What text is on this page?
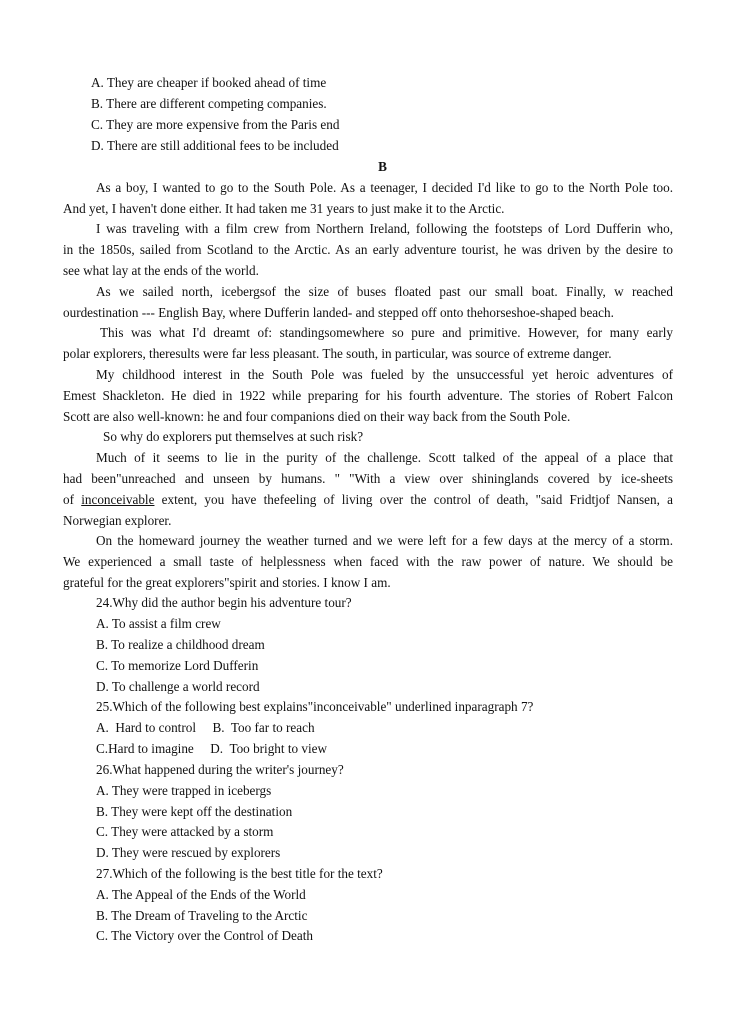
A. They are cheaper if booked ahead of time
B. There are different competing companies.
C. They are more expensive from the Paris end
D. There are still additional fees to be included
B
As a boy, I wanted to go to the South Pole. As a teenager, I decided I'd like to go to the North Pole too.
And yet, I haven't done either. It had taken me 31 years to just make it to the Arctic.
I was traveling with a film crew from Northern Ireland, following the footsteps of Lord Dufferin who,
in the 1850s, sailed from Scotland to the Arctic. As an early adventure tourist, he was driven by the desire to
see what lay at the ends of the world.
As we sailed north, icebergsof the size of buses floated past our small boat. Finally, w reached
ourdestination --- English Bay, where Dufferin landed- and stepped off onto thehorseshoe-shaped beach.
This was what I'd dreamt of: standingsomewhere so pure and primitive. However, for many early
polar explorers, theresults were far less pleasant. The south, in particular, was source of extreme danger.
My childhood interest in the South Pole was fueled by the unsuccessful yet heroic adventures of
Emest Shackleton. He died in 1922 while preparing for his fourth adventure. The stories of Robert Falcon
Scott are also well-known: he and four companions died on their way back from the South Pole.
So why do explorers put themselves at such risk?
Much of it seems to lie in the purity of the challenge. Scott talked of the appeal of a place that
had been"unreached and unseen by humans. " "With a view over shininglands covered by ice-sheets
of inconceivable extent, you have thefeeling of living over the control of death, "said Fridtjof Nansen, a
Norwegian explorer.
On the homeward journey the weather turned and we were left for a few days at the mercy of a storm.
We experienced a small taste of helplessness when faced with the raw power of nature. We should be
grateful for the great explorers"spirit and stories. I know I am.
24.Why did the author begin his adventure tour?
A. To assist a film crew
B. To realize a childhood dream
C. To memorize Lord Dufferin
D. To challenge a world record
25.Which of the following best explains"inconceivable" underlined inparagraph 7?
A.  Hard to control     B.  Too far to reach
C.Hard to imagine     D.  Too bright to view
26.What happened during the writer's journey?
A. They were trapped in icebergs
B. They were kept off the destination
C. They were attacked by a storm
D. They were rescued by explorers
27.Which of the following is the best title for the text?
A. The Appeal of the Ends of the World
B. The Dream of Traveling to the Arctic
C. The Victory over the Control of Death
